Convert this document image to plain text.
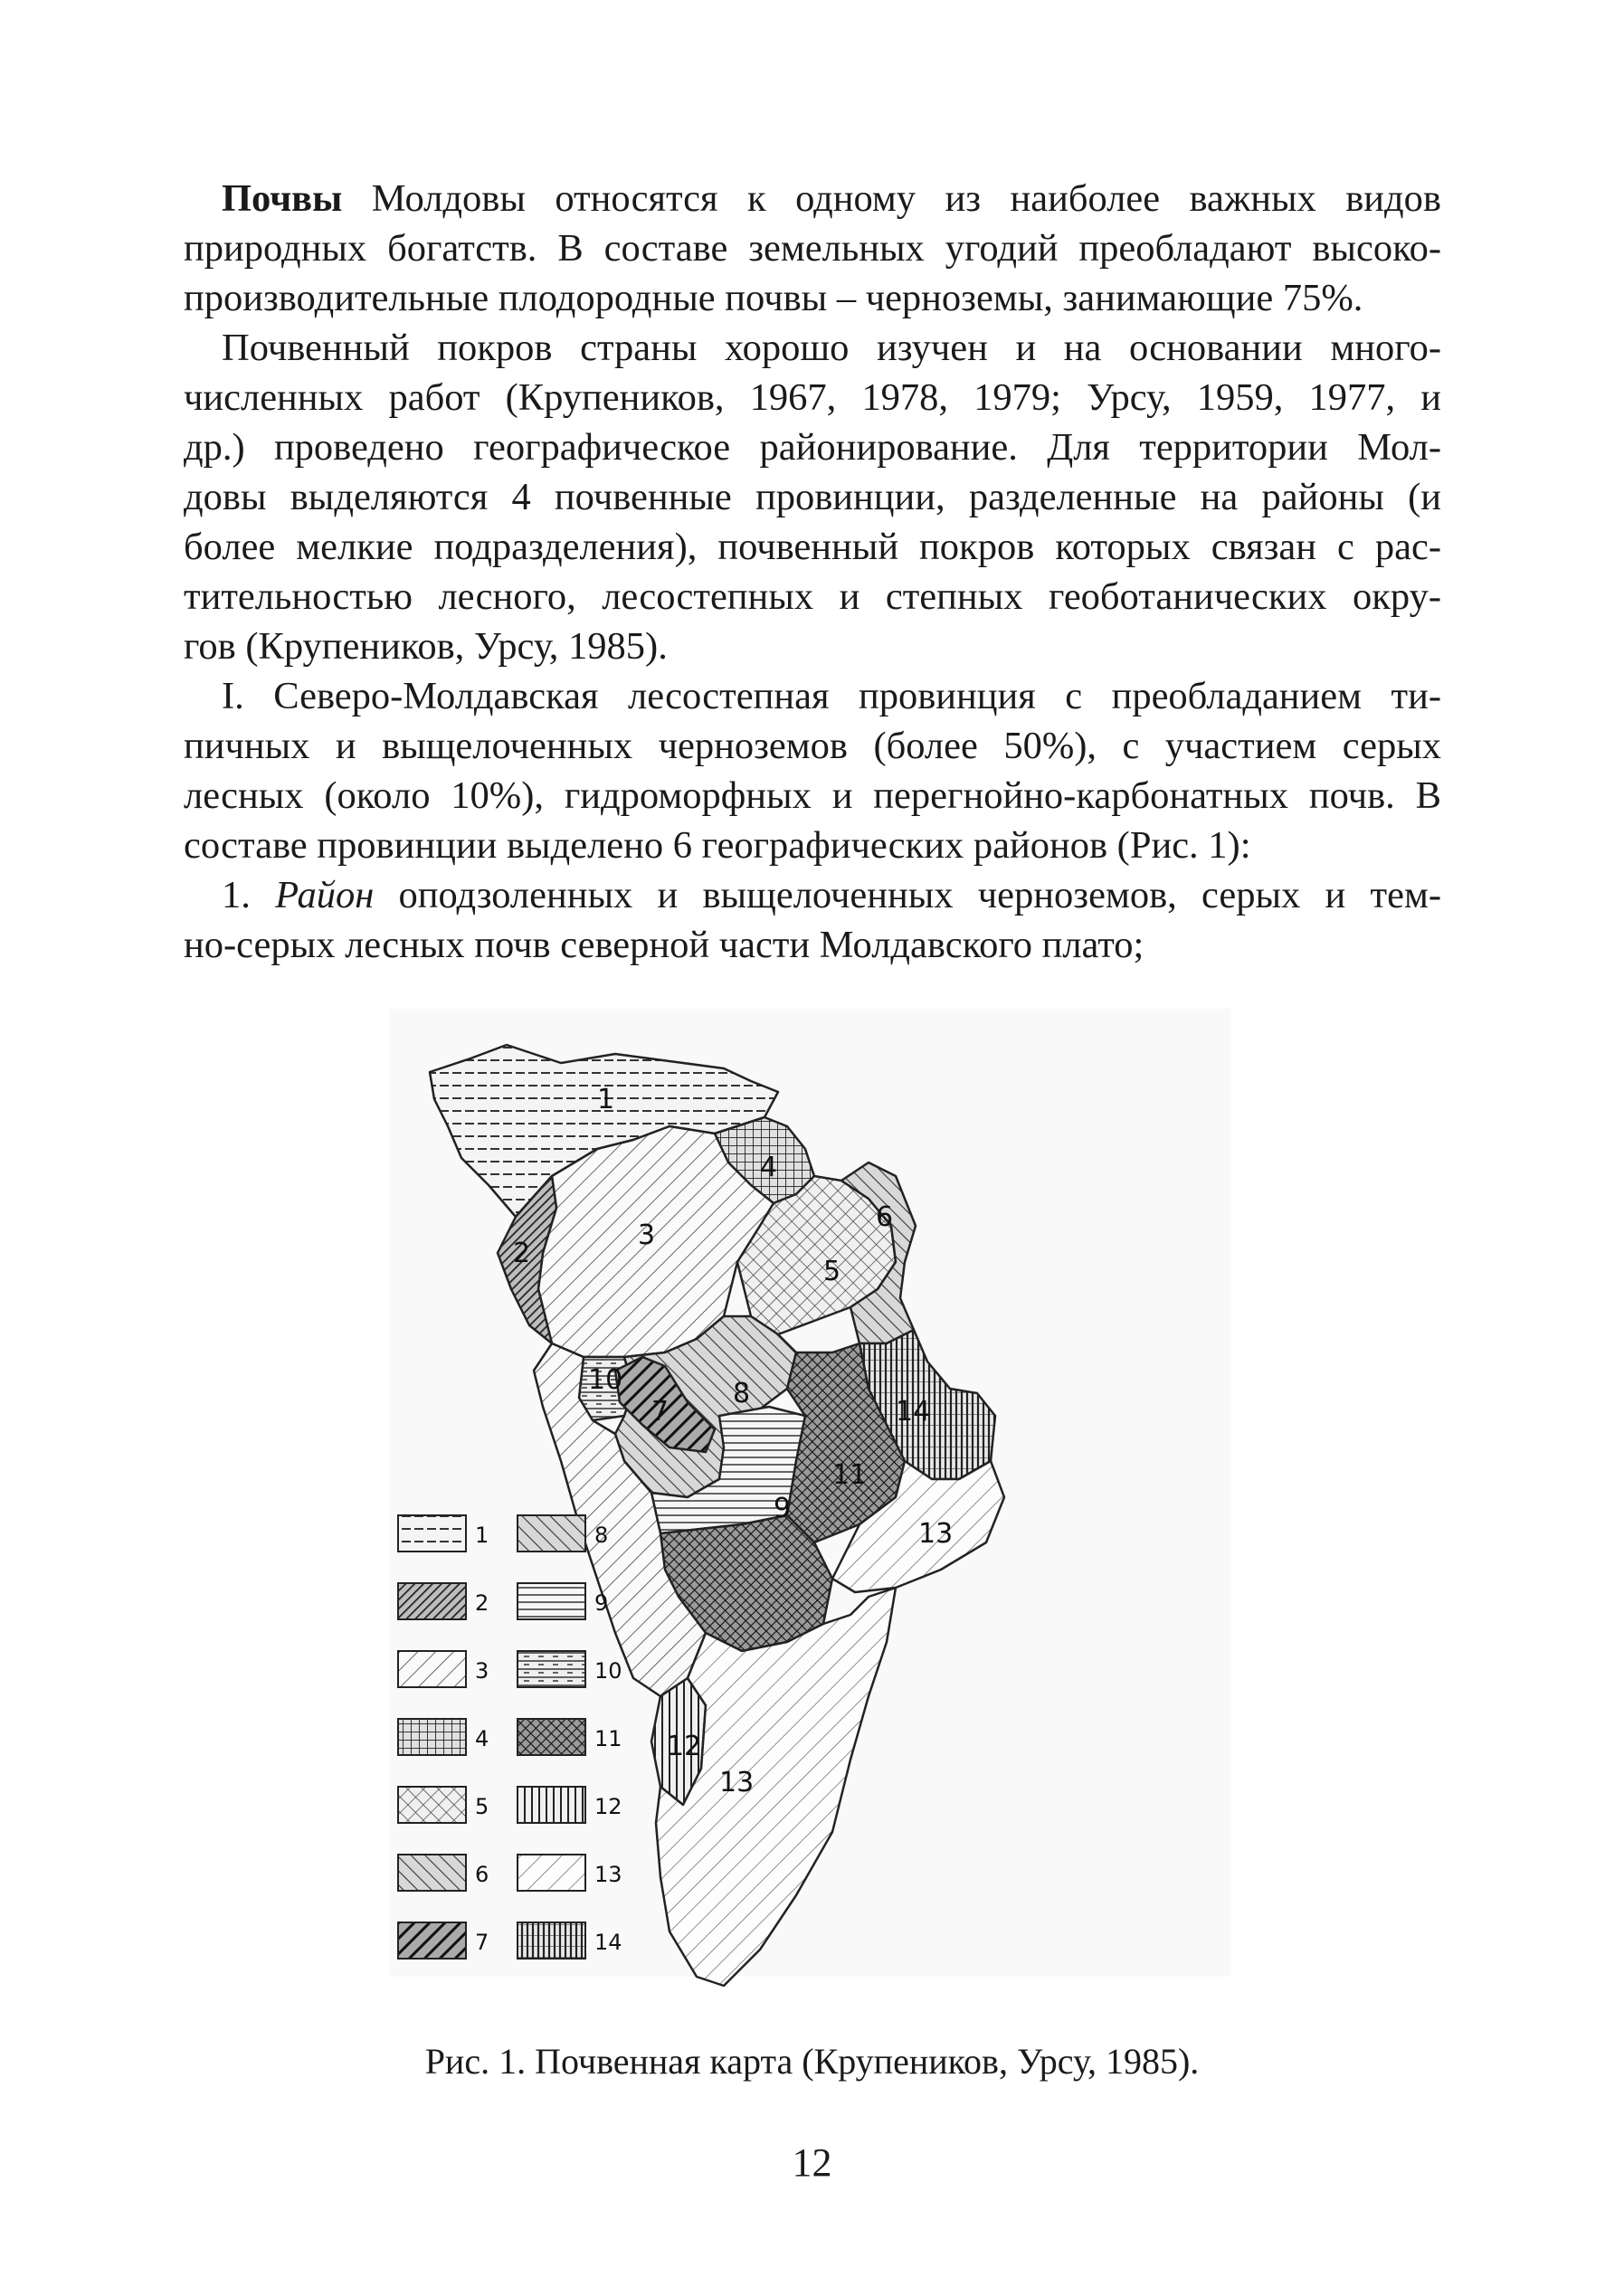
Почвы Молдовы относятся к одному из наиболее важных видов
природных богатств. В составе земельных угодий преобладают высоко-
производительные плодородные почвы – черноземы, занимающие 75%.
Почвенный покров страны хорошо изучен и на основании много-
численных работ (Крупеников, 1967, 1978, 1979; Урсу, 1959, 1977, и
др.) проведено географическое районирование. Для территории Мол-
довы выделяются 4 почвенные провинции, разделенные на районы (и
более мелкие подразделения), почвенный покров которых связан с рас-
тительностью лесного, лесостепных и степных геоботанических окру-
гов (Крупеников, Урсу, 1985).
I. Северо-Молдавская лесостепная провинция с преобладанием ти-
пичных и выщелоченных черноземов (более 50%), с участием серых
лесных (около 10%), гидроморфных и перегнойно-карбонатных почв. В
составе провинции выделено 6 географических районов (Рис. 1):
1. Район оподзоленных и выщелоченных черноземов, серых и тем-
но-серых лесных почв северной части Молдавского плато;
1
2
3
4
5
6
7
8
9
10
11
12
13
13
14
1
2
3
4
5
6
7
8
9
10
11
12
13
14
Рис. 1. Почвенная карта (Крупеников, Урсу, 1985).
12
